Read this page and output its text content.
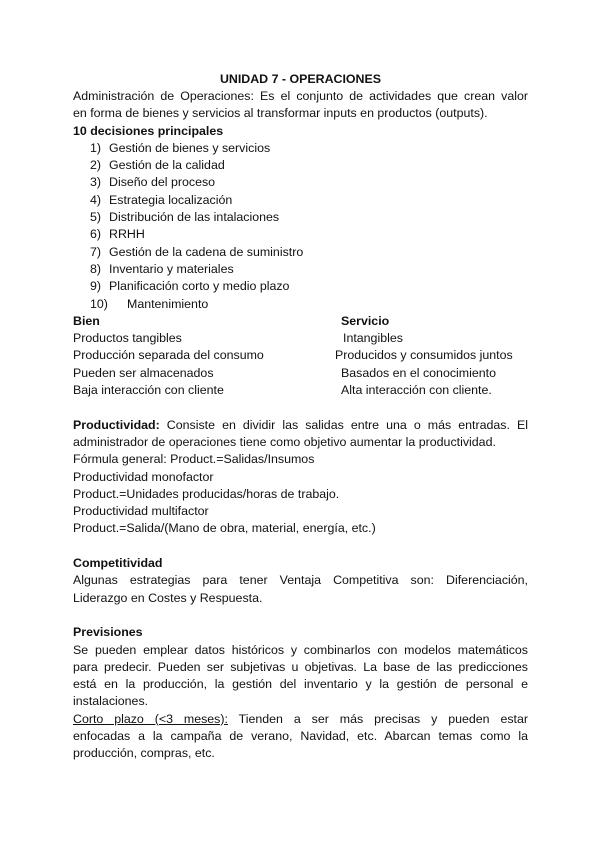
UNIDAD 7 - OPERACIONES
Administración de Operaciones: Es el conjunto de actividades que crean valor
en forma de bienes y servicios al transformar inputs en productos (outputs).
10 decisiones principales
1) Gestión de bienes y servicios
2) Gestión de la calidad
3) Diseño del proceso
4) Estrategia localización
5) Distribución de las intalaciones
6) RRHH
7) Gestión de la cadena de suministro
8) Inventario y materiales
9) Planificación corto y medio plazo
10) Mantenimiento
Bien	Servicio
Productos tangibles	Intangibles
Producción separada del consumo	Producidos y consumidos juntos
Pueden ser almacenados	Basados en el conocimiento
Baja interacción con cliente	Alta interacción con cliente.
Productividad: Consiste en dividir las salidas entre una o más entradas. El
administrador de operaciones tiene como objetivo aumentar la productividad.
Fórmula general: Product.=Salidas/Insumos
Productividad monofactor
Product.=Unidades producidas/horas de trabajo.
Productividad multifactor
Product.=Salida/(Mano de obra, material, energía, etc.)
Competitividad
Algunas estrategias para tener Ventaja Competitiva son: Diferenciación,
Liderazgo en Costes y Respuesta.
Previsiones
Se pueden emplear datos históricos y combinarlos con modelos matemáticos
para predecir. Pueden ser subjetivas u objetivas. La base de las predicciones
está en la producción, la gestión del inventario y la gestión de personal e
instalaciones.
Corto plazo (<3 meses): Tienden a ser más precisas y pueden estar
enfocadas a la campaña de verano, Navidad, etc. Abarcan temas como la
producción, compras, etc.
